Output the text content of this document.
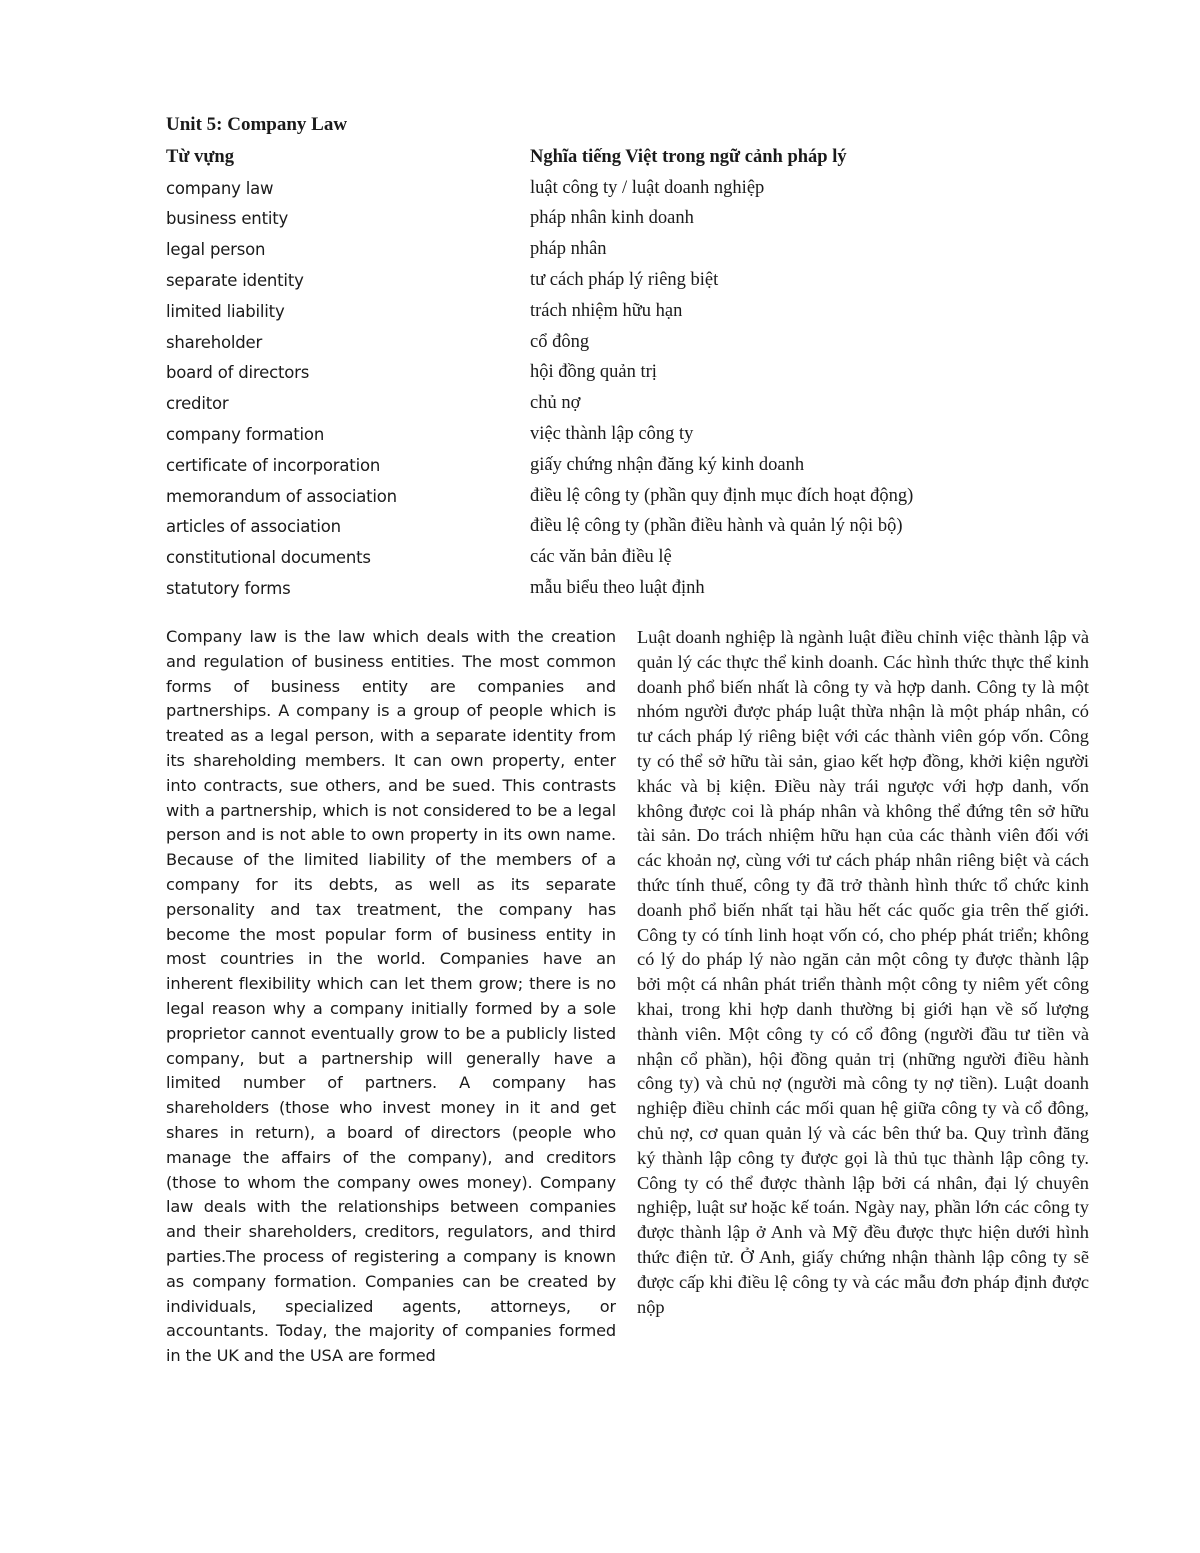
Unit 5: Company Law
Từ vựng	Nghĩa tiếng Việt trong ngữ cảnh pháp lý
company law	luật công ty / luật doanh nghiệp
business entity	pháp nhân kinh doanh
legal person	pháp nhân
separate identity	tư cách pháp lý riêng biệt
limited liability	trách nhiệm hữu hạn
shareholder	cổ đông
board of directors	hội đồng quản trị
creditor	chủ nợ
company formation	việc thành lập công ty
certificate of incorporation	giấy chứng nhận đăng ký kinh doanh
memorandum of association	điều lệ công ty (phần quy định mục đích hoạt động)
articles of association	điều lệ công ty (phần điều hành và quản lý nội bộ)
constitutional documents	các văn bản điều lệ
statutory forms	mẫu biểu theo luật định
Company law is the law which deals with the creation and regulation of business entities. The most common forms of business entity are companies and partnerships. A company is a group of people which is treated as a legal person, with a separate identity from its shareholding members. It can own property, enter into contracts, sue others, and be sued. This contrasts with a partnership, which is not considered to be a legal person and is not able to own property in its own name. Because of the limited liability of the members of a company for its debts, as well as its separate personality and tax treatment, the company has become the most popular form of business entity in most countries in the world. Companies have an inherent flexibility which can let them grow; there is no legal reason why a company initially formed by a sole proprietor cannot eventually grow to be a publicly listed company, but a partnership will generally have a limited number of partners. A company has shareholders (those who invest money in it and get shares in return), a board of directors (people who manage the affairs of the company), and creditors (those to whom the company owes money). Company law deals with the relationships between companies and their shareholders, creditors, regulators, and third parties.The process of registering a company is known as company formation. Companies can be created by individuals, specialized agents, attorneys, or accountants. Today, the majority of companies formed in the UK and the USA are formed
Luật doanh nghiệp là ngành luật điều chỉnh việc thành lập và quản lý các thực thể kinh doanh. Các hình thức thực thể kinh doanh phổ biến nhất là công ty và hợp danh. Công ty là một nhóm người được pháp luật thừa nhận là một pháp nhân, có tư cách pháp lý riêng biệt với các thành viên góp vốn. Công ty có thể sở hữu tài sản, giao kết hợp đồng, khởi kiện người khác và bị kiện. Điều này trái ngược với hợp danh, vốn không được coi là pháp nhân và không thể đứng tên sở hữu tài sản. Do trách nhiệm hữu hạn của các thành viên đối với các khoản nợ, cùng với tư cách pháp nhân riêng biệt và cách thức tính thuế, công ty đã trở thành hình thức tổ chức kinh doanh phổ biến nhất tại hầu hết các quốc gia trên thế giới. Công ty có tính linh hoạt vốn có, cho phép phát triển; không có lý do pháp lý nào ngăn cản một công ty được thành lập bởi một cá nhân phát triển thành một công ty niêm yết công khai, trong khi hợp danh thường bị giới hạn về số lượng thành viên. Một công ty có cổ đông (người đầu tư tiền và nhận cổ phần), hội đồng quản trị (những người điều hành công ty) và chủ nợ (người mà công ty nợ tiền). Luật doanh nghiệp điều chỉnh các mối quan hệ giữa công ty và cổ đông, chủ nợ, cơ quan quản lý và các bên thứ ba. Quy trình đăng ký thành lập công ty được gọi là thủ tục thành lập công ty. Công ty có thể được thành lập bởi cá nhân, đại lý chuyên nghiệp, luật sư hoặc kế toán. Ngày nay, phần lớn các công ty được thành lập ở Anh và Mỹ đều được thực hiện dưới hình thức điện tử. Ở Anh, giấy chứng nhận thành lập công ty sẽ được cấp khi điều lệ công ty và các mẫu đơn pháp định được nộp
